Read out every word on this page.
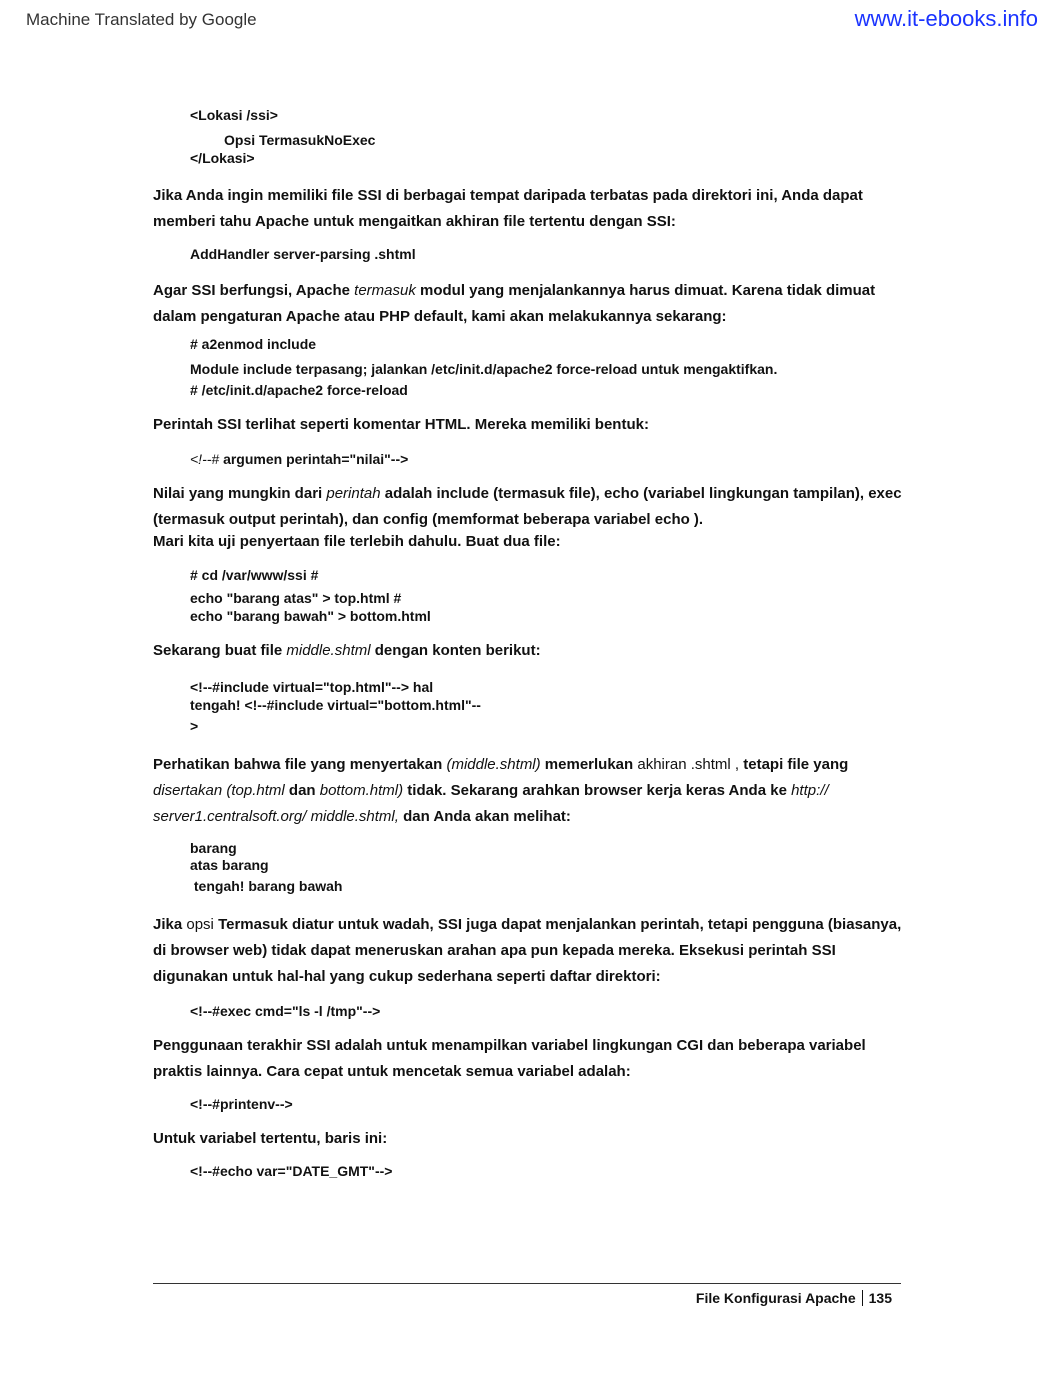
Machine Translated by Google	www.it-ebooks.info
<Lokasi /ssi>
Opsi TermasukNoExec
</Lokasi>
Jika Anda ingin memiliki file SSI di berbagai tempat daripada terbatas pada direktori ini, Anda dapat memberi tahu Apache untuk mengaitkan akhiran file tertentu dengan SSI:
AddHandler server-parsing .shtml
Agar SSI berfungsi, Apache termasuk modul yang menjalankannya harus dimuat. Karena tidak dimuat dalam pengaturan Apache atau PHP default, kami akan melakukannya sekarang:
# a2enmod include
Module include terpasang; jalankan /etc/init.d/apache2 force-reload untuk mengaktifkan.
# /etc/init.d/apache2 force-reload
Perintah SSI terlihat seperti komentar HTML. Mereka memiliki bentuk:
<!--# argumen perintah="nilai"-->
Nilai yang mungkin dari perintah adalah include (termasuk file), echo (variabel lingkungan tampilan), exec (termasuk output perintah), dan config (memformat beberapa variabel echo ).
Mari kita uji penyertaan file terlebih dahulu. Buat dua file:
# cd /var/www/ssi #
echo "barang atas" > top.html #
echo "barang bawah" > bottom.html
Sekarang buat file middle.shtml dengan konten berikut:
<!--#include virtual="top.html"--> hal
tengah! <!--#include virtual="bottom.html"--
>
Perhatikan bahwa file yang menyertakan (middle.shtml) memerlukan akhiran .shtml , tetapi file yang disertakan (top.html dan bottom.html) tidak. Sekarang arahkan browser kerja keras Anda ke http:// server1.centralsoft.org/ middle.shtml, dan Anda akan melihat:
barang
atas barang
tengah! barang bawah
Jika opsi Termasuk diatur untuk wadah, SSI juga dapat menjalankan perintah, tetapi pengguna (biasanya, di browser web) tidak dapat meneruskan arahan apa pun kepada mereka. Eksekusi perintah SSI digunakan untuk hal-hal yang cukup sederhana seperti daftar direktori:
<!--#exec cmd="ls -l /tmp"-->
Penggunaan terakhir SSI adalah untuk menampilkan variabel lingkungan CGI dan beberapa variabel praktis lainnya. Cara cepat untuk mencetak semua variabel adalah:
<!--#printenv-->
Untuk variabel tertentu, baris ini:
<!--#echo var="DATE_GMT"-->
File Konfigurasi Apache 135
